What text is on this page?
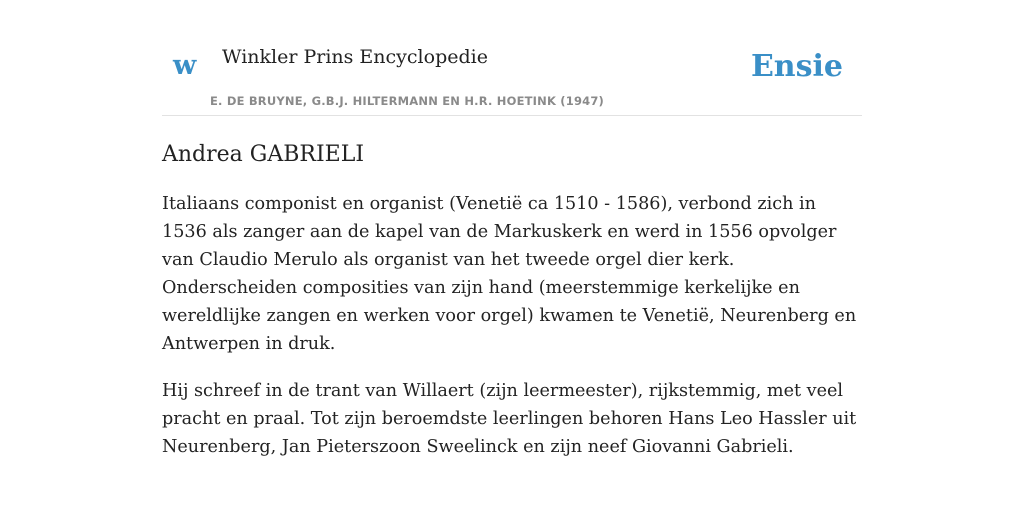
w Winkler Prins Encyclopedie
E. DE BRUYNE, G.B.J. HILTERMANN EN H.R. HOETINK (1947)
Ensie
Andrea GABRIELI

Italiaans componist en organist (Venetië ca 1510 - 1586), verbond zich in 1536 als zanger aan de kapel van de Markuskerk en werd in 1556 opvolger van Claudio Merulo als organist van het tweede orgel dier kerk. Onderscheiden composities van zijn hand (meerstemmige kerkelijke en wereldlijke zangen en werken voor orgel) kwamen te Venetië, Neurenberg en Antwerpen in druk.

Hij schreef in de trant van Willaert (zijn leermeester), rijkstemmig, met veel pracht en praal. Tot zijn beroemdste leerlingen behoren Hans Leo Hassler uit Neurenberg, Jan Pieterszoon Sweelinck en zijn neef Giovanni Gabrieli.
